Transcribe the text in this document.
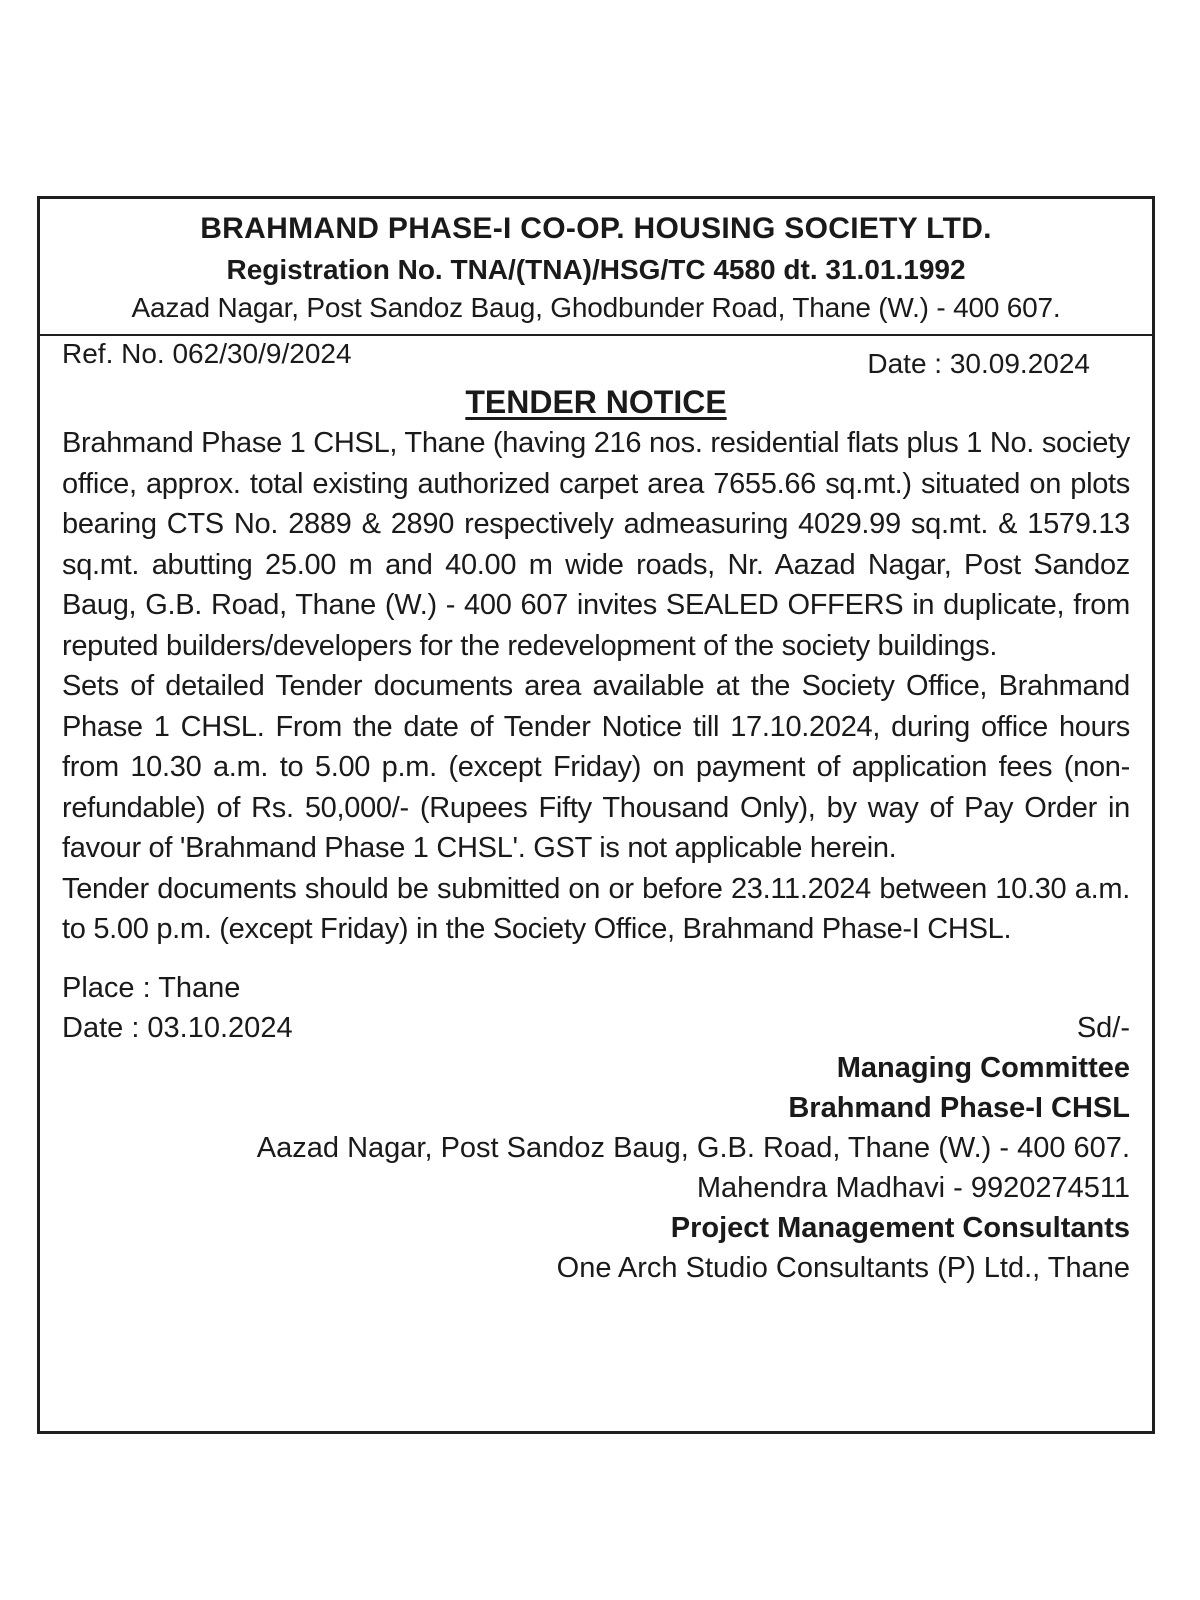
BRAHMAND PHASE-I CO-OP. HOUSING SOCIETY LTD.
Registration No. TNA/(TNA)/HSG/TC 4580 dt. 31.01.1992
Aazad Nagar, Post Sandoz Baug, Ghodbunder Road, Thane (W.) - 400 607.
Ref. No. 062/30/9/2024	Date : 30.09.2024
TENDER NOTICE

Brahmand Phase 1 CHSL, Thane (having 216 nos. residential flats plus 1 No. society office, approx. total existing authorized carpet area 7655.66 sq.mt.) situated on plots bearing CTS No. 2889 & 2890 respectively admeasuring 4029.99 sq.mt. & 1579.13 sq.mt. abutting 25.00 m and 40.00 m wide roads, Nr. Aazad Nagar, Post Sandoz Baug, G.B. Road, Thane (W.) - 400 607 invites SEALED OFFERS in duplicate, from reputed builders/developers for the redevelopment of the society buildings.

Sets of detailed Tender documents area available at the Society Office, Brahmand Phase 1 CHSL. From the date of Tender Notice till 17.10.2024, during office hours from 10.30 a.m. to 5.00 p.m. (except Friday) on payment of application fees (non-refundable) of Rs. 50,000/- (Rupees Fifty Thousand Only), by way of Pay Order in favour of 'Brahmand Phase 1 CHSL'. GST is not applicable herein.

Tender documents should be submitted on or before 23.11.2024 between 10.30 a.m. to 5.00 p.m. (except Friday) in the Society Office, Brahmand Phase-I CHSL.

Place : Thane
Date : 03.10.2024	Sd/-
Managing Committee
Brahmand Phase-I CHSL
Aazad Nagar, Post Sandoz Baug, G.B. Road, Thane (W.) - 400 607.
Mahendra Madhavi - 9920274511
Project Management Consultants
One Arch Studio Consultants (P) Ltd., Thane
